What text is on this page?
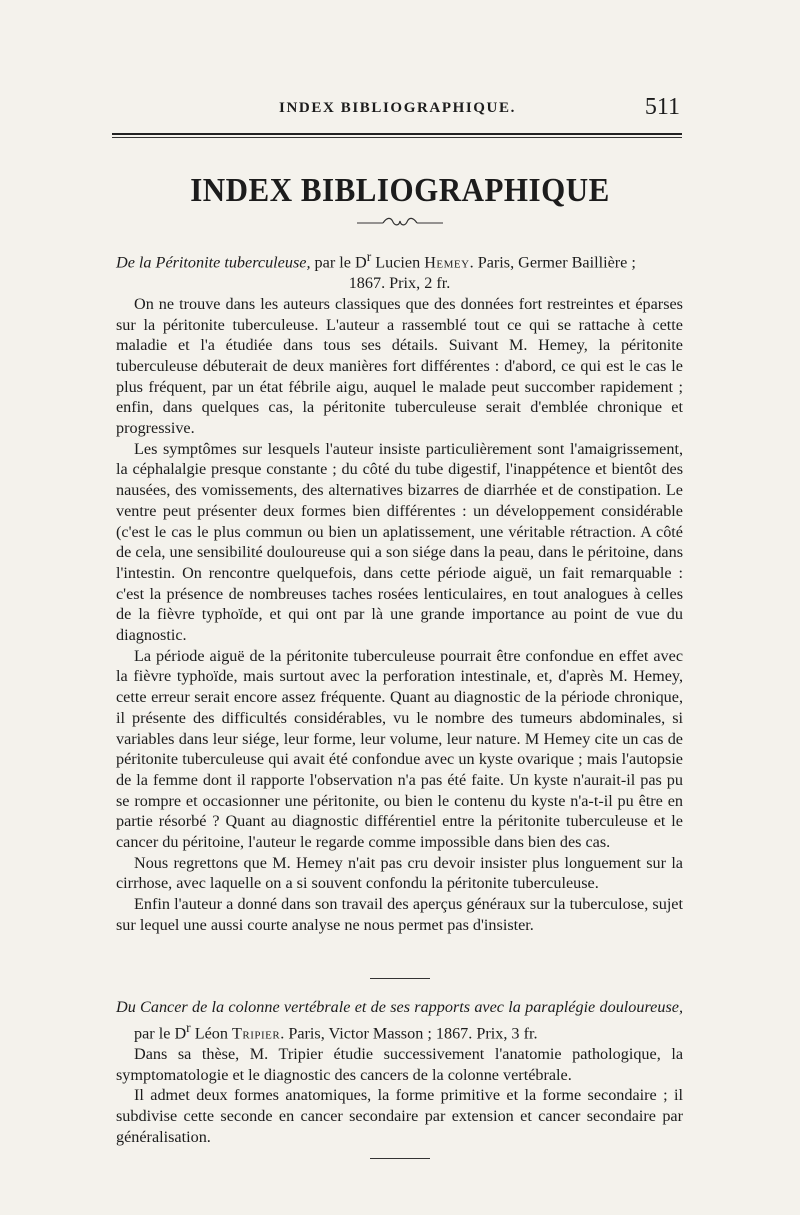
INDEX BIBLIOGRAPHIQUE.	511
INDEX BIBLIOGRAPHIQUE

De la Péritonite tuberculeuse, par le $D^r$ Lucien Hemey. Paris, Germer Baillière ;
1867. Prix, 2 fr.

On ne trouve dans les auteurs classiques que des données fort restreintes et éparses sur la péritonite tuberculeuse. L'auteur a rassemblé tout ce qui se rattache à cette maladie et l'a étudiée dans tous ses détails. Suivant M. Hemey, la péritonite tuberculeuse débuterait de deux manières fort différentes : d'abord, ce qui est le cas le plus fréquent, par un état fébrile aigu, auquel le malade peut succomber rapidement ; enfin, dans quelques cas, la péritonite tuberculeuse serait d'emblée chronique et progressive.

Les symptômes sur lesquels l'auteur insiste particulièrement sont l'amaigrissement, la céphalalgie presque constante ; du côté du tube digestif, l'inappétence et bientôt des nausées, des vomissements, des alternatives bizarres de diarrhée et de constipation. Le ventre peut présenter deux formes bien différentes : un développement considérable (c'est le cas le plus commun ou bien un aplatissement, une véritable rétraction. A côté de cela, une sensibilité douloureuse qui a son siége dans la peau, dans le péritoine, dans l'intestin. On rencontre quelquefois, dans cette période aiguë, un fait remarquable : c'est la présence de nombreuses taches rosées lenticulaires, en tout analogues à celles de la fièvre typhoïde, et qui ont par là une grande importance au point de vue du diagnostic.

La période aiguë de la péritonite tuberculeuse pourrait être confondue en effet avec la fièvre typhoïde, mais surtout avec la perforation intestinale, et, d'après M. Hemey, cette erreur serait encore assez fréquente. Quant au diagnostic de la période chronique, il présente des difficultés considérables, vu le nombre des tumeurs abdominales, si variables dans leur siége, leur forme, leur volume, leur nature. M Hemey cite un cas de péritonite tuberculeuse qui avait été confondue avec un kyste ovarique ; mais l'autopsie de la femme dont il rapporte l'observation n'a pas été faite. Un kyste n'aurait-il pas pu se rompre et occasionner une péritonite, ou bien le contenu du kyste n'a-t-il pu être en partie résorbé ? Quant au diagnostic différentiel entre la péritonite tuberculeuse et le cancer du péritoine, l'auteur le regarde comme impossible dans bien des cas.

Nous regrettons que M. Hemey n'ait pas cru devoir insister plus longuement sur la cirrhose, avec laquelle on a si souvent confondu la péritonite tuberculeuse.

Enfin l'auteur a donné dans son travail des aperçus généraux sur la tuberculose, sujet sur lequel une aussi courte analyse ne nous permet pas d'insister.

Du Cancer de la colonne vertébrale et de ses rapports avec la paraplégie douloureuse, par le $D^r$ Léon Tripier. Paris, Victor Masson ; 1867. Prix, 3 fr.

Dans sa thèse, M. Tripier étudie successivement l'anatomie pathologique, la symptomatologie et le diagnostic des cancers de la colonne vertébrale.

Il admet deux formes anatomiques, la forme primitive et la forme secondaire ; il subdivise cette seconde en cancer secondaire par extension et cancer secondaire par généralisation.
